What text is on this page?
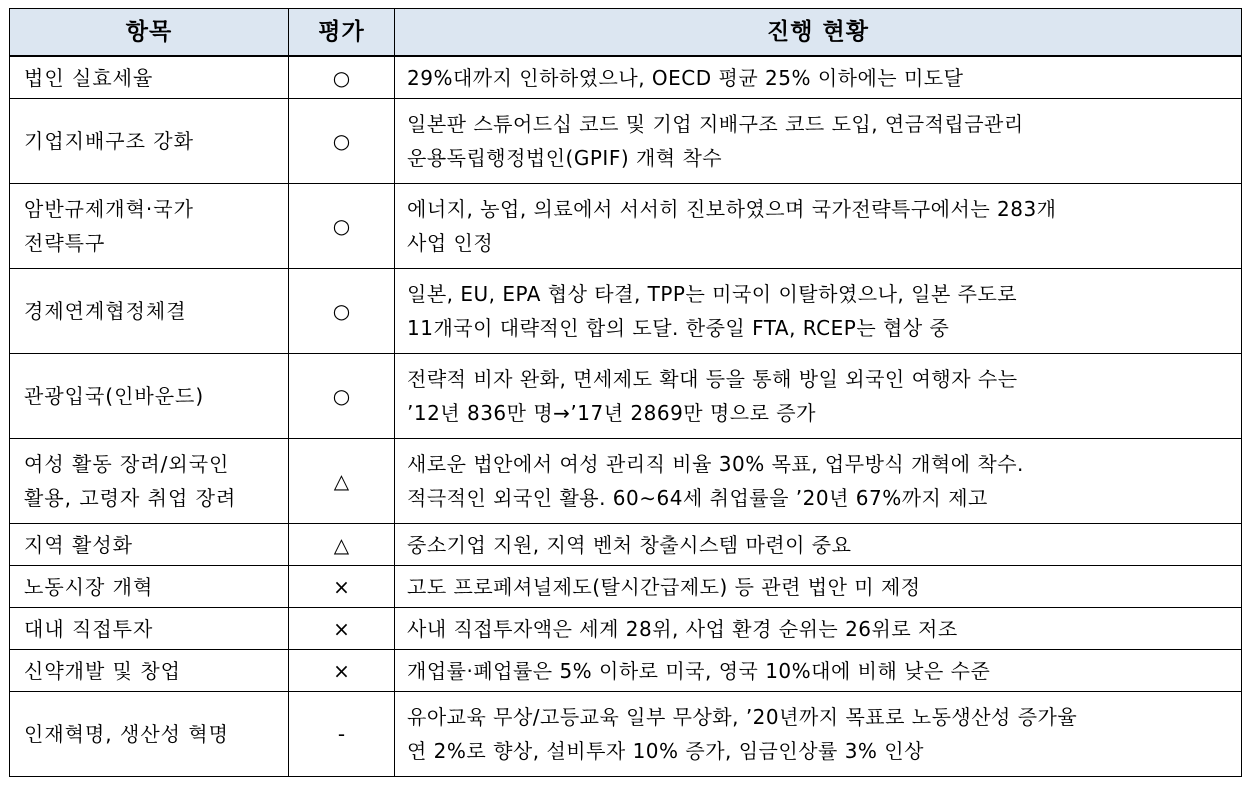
항목	평가	진행 현황
법인 실효세율	○	29%대까지 인하하였으나, OECD 평균 25% 이하에는 미도달

기업지배구조 강화	○	일본판 스튜어드십 코드 및 기업 지배구조 코드 도입, 연금적립금관리
운용독립행정법인(GPIF) 개혁 착수

암반규제개혁·국가
전략특구	○	에너지, 농업, 의료에서 서서히 진보하였으며 국가전략특구에서는 283개
사업 인정

경제연계협정체결	○	일본, EU, EPA 협상 타결, TPP는 미국이 이탈하였으나, 일본 주도로
11개국이 대략적인 합의 도달. 한중일 FTA, RCEP는 협상 중

관광입국(인바운드)	○	전략적 비자 완화, 면세제도 확대 등을 통해 방일 외국인 여행자 수는
’12년 836만 명→’17년 2869만 명으로 증가

여성 활동 장려/외국인
활용, 고령자 취업 장려	△	새로운 법안에서 여성 관리직 비율 30% 목표, 업무방식 개혁에 착수.
적극적인 외국인 활용. 60∼64세 취업률을 ’20년 67%까지 제고

지역 활성화	△	중소기업 지원, 지역 벤처 창출시스템 마련이 중요

노동시장 개혁	×	고도 프로페셔널제도(탈시간급제도) 등 관련 법안 미 제정

대내 직접투자	×	사내 직접투자액은 세계 28위, 사업 환경 순위는 26위로 저조

신약개발 및 창업	×	개업률·폐업률은 5% 이하로 미국, 영국 10%대에 비해 낮은 수준

인재혁명, 생산성 혁명	-	유아교육 무상/고등교육 일부 무상화, ’20년까지 목표로 노동생산성 증가율
연 2%로 향상, 설비투자 10% 증가, 임금인상률 3% 인상
